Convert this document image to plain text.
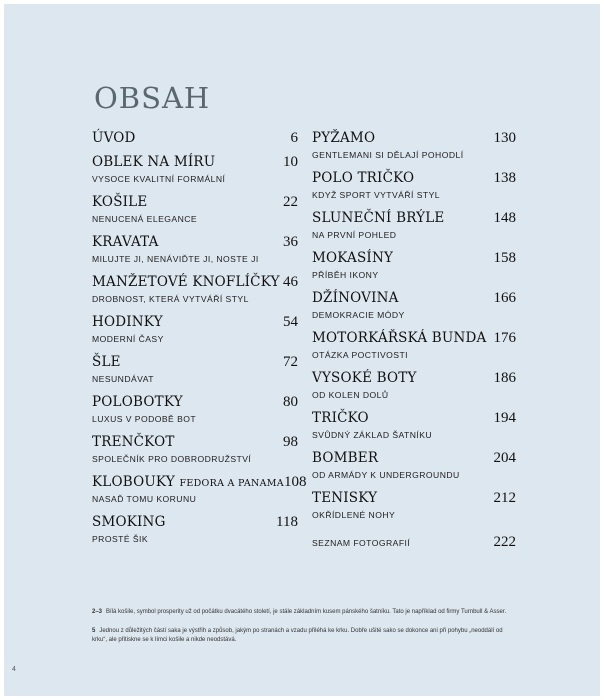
OBSAH
ÚVOD	6
OBLEK NA MÍRU	10
VYSOCE KVALITNÍ FORMÁLNÍ
KOŠILE	22
NENUCENÁ ELEGANCE
KRAVATA	36
MILUJTE JI, NENÁVIĎTE JI, NOSTE JI
MANŽETOVÉ KNOFLÍČKY 46
DROBNOST, KTERÁ VYTVÁŘÍ STYL
HODINKY	54
MODERNÍ ČASY
ŠLE	72
NESUNDÁVAT
POLOBOTKY	80
LUXUS V PODOBĚ BOT
TRENČKOT	98
SPOLEČNÍK PRO DOBRODRUŽSTVÍ
KLOBOUKY FEDORA A PANAMA 108
NASAĎ TOMU KORUNU
SMOKING	118
PROSTÉ ŠIK
PYŽAMO	130
GENTLEMANI SI DĚLAJÍ POHODLÍ
POLO TRIČKO	138
KDYŽ SPORT VYTVÁŘÍ STYL
SLUNEČNÍ BRÝLE	148
NA PRVNÍ POHLED
MOKASÍNY	158
PŘÍBĚH IKONY
DŽÍNOVINA	166
DEMOKRACIE MÓDY
MOTORKÁŘSKÁ BUNDA 176
OTÁZKA POCTIVOSTI
VYSOKÉ BOTY	186
OD KOLEN DOLŮ
TRIČKO	194
SVŮDNÝ ZÁKLAD ŠATNÍKU
BOMBER	204
OD ARMÁDY K UNDERGROUNDU
TENISKY	212
OKŘÍDLENÉ NOHY
SEZNAM FOTOGRAFIÍ	222

2–3 Bílá košile, symbol prosperity už od počátku dvacátého století, je stále základním kusem pánského šatníku. Tato je například od firmy Turnbull & Asser.

5 Jednou z důležitých částí saka je výstřih a způsob, jakým po stranách a vzadu přiléhá ke krku. Dobře ušité sako se dokonce ani při pohybu „neoddálí od krku“, ale přitiskne se k límci košile a nikde neodstává.

4
